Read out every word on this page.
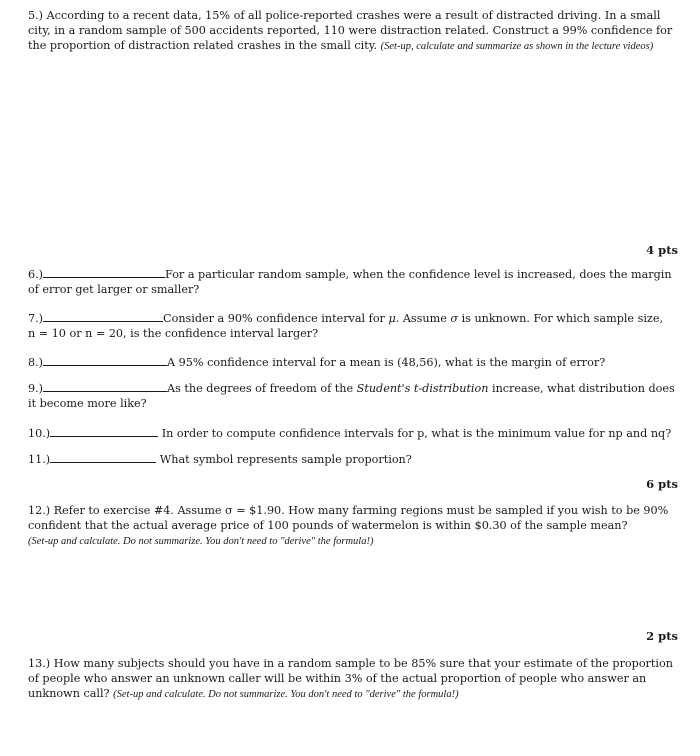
5.) According to a recent data, 15% of all police-reported crashes were a result of distracted driving. In a small city, in a random sample of 500 accidents reported, 110 were distraction related. Construct a 99% confidence for the proportion of distraction related crashes in the small city. (Set-up, calculate and summarize as shown in the lecture videos)
4 pts
6.)	For a particular random sample, when the confidence level is increased, does the margin of error get larger or smaller?
7.)	Consider a 90% confidence interval for μ. Assume σ is unknown. For which sample size,
n = 10 or n = 20, is the confidence interval larger?
8.)	A 95% confidence interval for a mean is (48,56), what is the margin of error?
9.)	As the degrees of freedom of the Student's t-distribution increase, what distribution does it become more like?
10.)	In order to compute confidence intervals for p, what is the minimum value for np and nq?
11.)	What symbol represents sample proportion?
6 pts
12.) Refer to exercise #4. Assume σ = $1.90. How many farming regions must be sampled if you wish to be 90% confident that the actual average price of 100 pounds of watermelon is within $0.30 of the sample mean?
(Set-up and calculate. Do not summarize. You don't need to "derive" the formula!)
2 pts
13.) How many subjects should you have in a random sample to be 85% sure that your estimate of the proportion of people who answer an unknown caller will be within 3% of the actual proportion of people who answer an unknown call? (Set-up and calculate. Do not summarize. You don't need to "derive" the formula!)
